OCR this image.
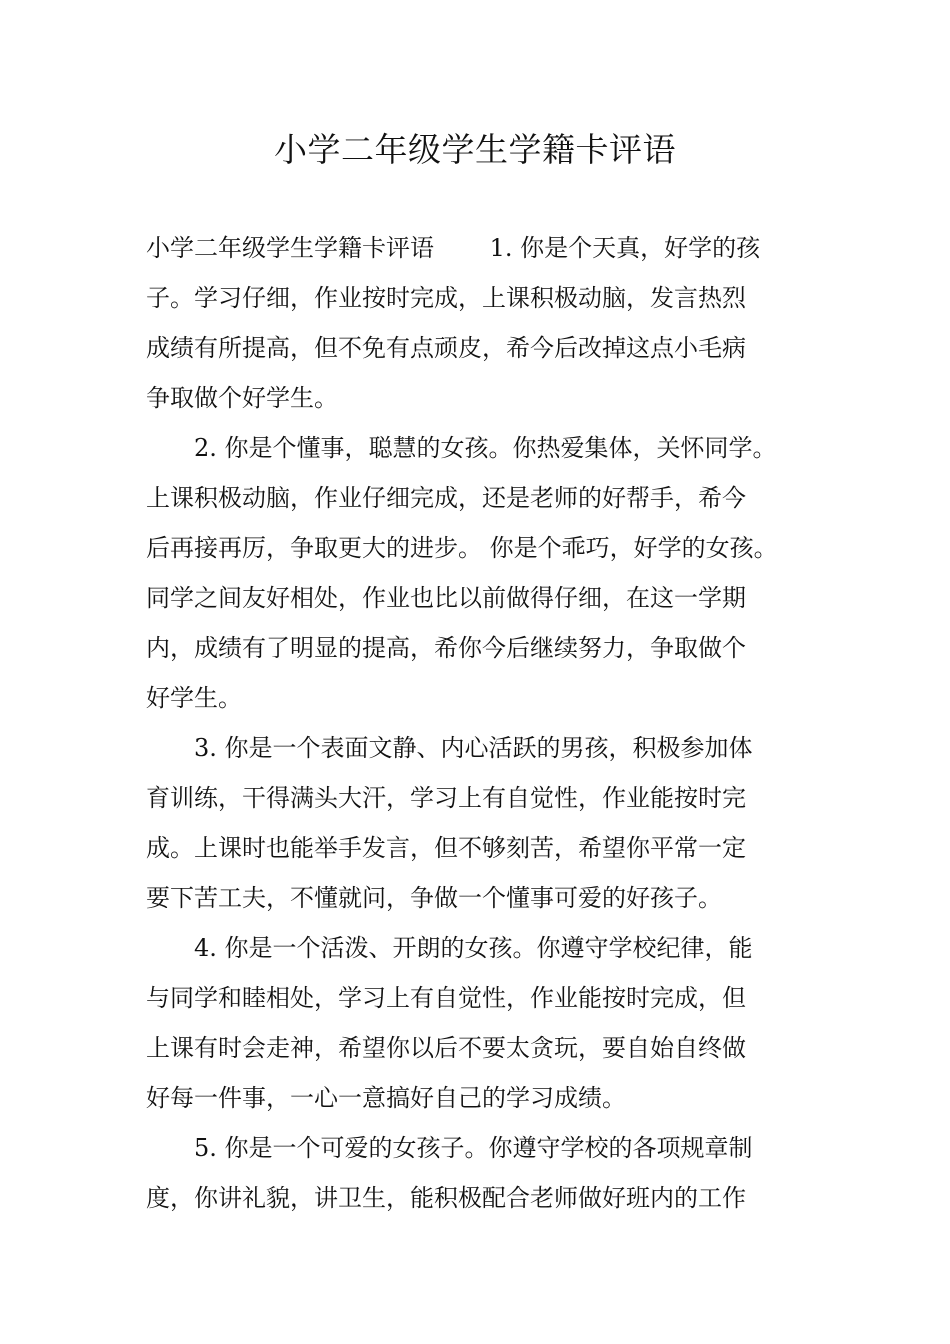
小学二年级学生学籍卡评语
小学二年级学生学籍卡评语　　 1. 你是个天真，好学的孩
子。学习仔细，作业按时完成，上课积极动脑，发言热烈
成绩有所提高，但不免有点顽皮，希今后改掉这点小毛病
争取做个好学生。
　　2. 你是个懂事，聪慧的女孩。你热爱集体，关怀同学。
上课积极动脑，作业仔细完成，还是老师的好帮手，希今
后再接再厉，争取更大的进步。 你是个乖巧，好学的女孩。
同学之间友好相处，作业也比以前做得仔细，在这一学期
内，成绩有了明显的提高，希你今后继续努力，争取做个
好学生。
　　3. 你是一个表面文静、内心活跃的男孩，积极参加体
育训练，干得满头大汗，学习上有自觉性，作业能按时完
成。上课时也能举手发言，但不够刻苦，希望你平常一定
要下苦工夫，不懂就问，争做一个懂事可爱的好孩子。
　　4. 你是一个活泼、开朗的女孩。你遵守学校纪律，能
与同学和睦相处，学习上有自觉性，作业能按时完成，但
上课有时会走神，希望你以后不要太贪玩，要自始自终做
好每一件事，一心一意搞好自己的学习成绩。
　　5. 你是一个可爱的女孩子。你遵守学校的各项规章制
度，你讲礼貌，讲卫生，能积极配合老师做好班内的工作
